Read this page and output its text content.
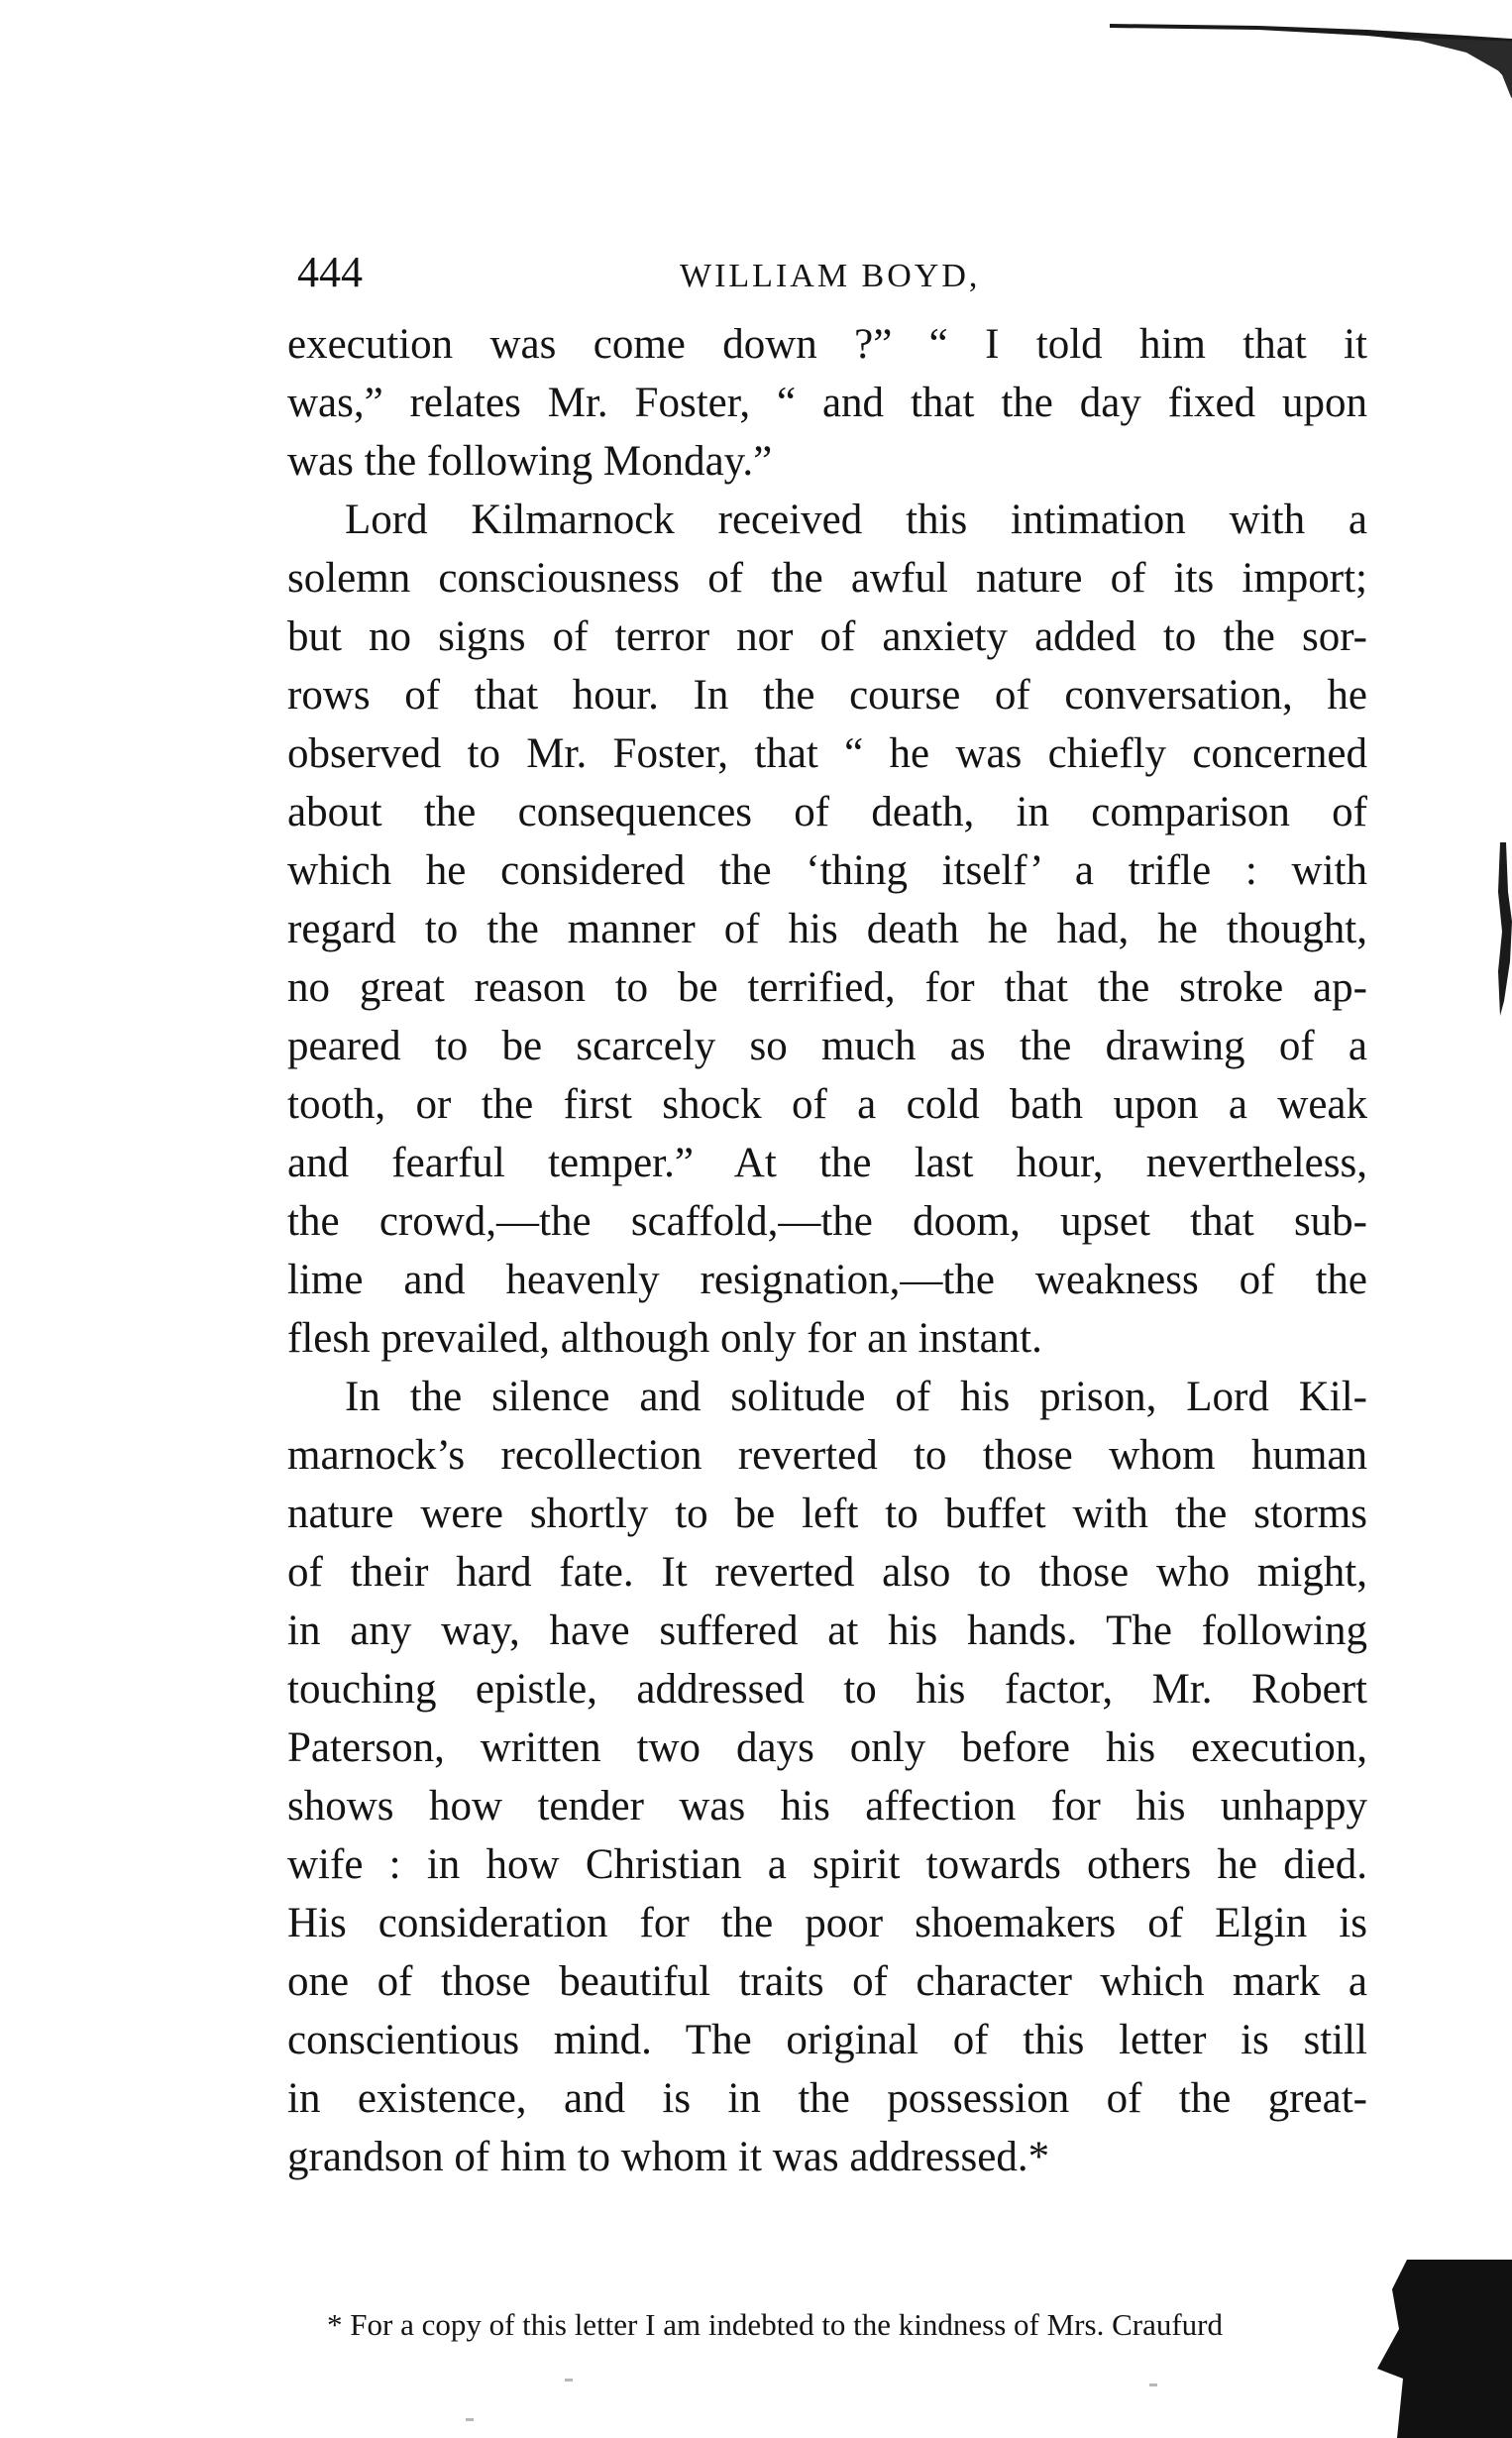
444	WILLIAM BOYD,
execution was come down ?” “ I told him that it
was,” relates Mr. Foster, “ and that the day fixed upon
was the following Monday.”
Lord Kilmarnock received this intimation with a
solemn consciousness of the awful nature of its import;
but no signs of terror nor of anxiety added to the sor-
rows of that hour. In the course of conversation, he
observed to Mr. Foster, that “ he was chiefly concerned
about the consequences of death, in comparison of
which he considered the ‘thing itself’ a trifle : with
regard to the manner of his death he had, he thought,
no great reason to be terrified, for that the stroke ap-
peared to be scarcely so much as the drawing of a
tooth, or the first shock of a cold bath upon a weak
and fearful temper.” At the last hour, nevertheless,
the crowd,—the scaffold,—the doom, upset that sub-
lime and heavenly resignation,—the weakness of the
flesh prevailed, although only for an instant.
In the silence and solitude of his prison, Lord Kil-
marnock’s recollection reverted to those whom human
nature were shortly to be left to buffet with the storms
of their hard fate. It reverted also to those who might,
in any way, have suffered at his hands. The following
touching epistle, addressed to his factor, Mr. Robert
Paterson, written two days only before his execution,
shows how tender was his affection for his unhappy
wife : in how Christian a spirit towards others he died.
His consideration for the poor shoemakers of Elgin is
one of those beautiful traits of character which mark a
conscientious mind. The original of this letter is still
in existence, and is in the possession of the great-
grandson of him to whom it was addressed.*
* For a copy of this letter I am indebted to the kindness of Mrs. Craufurd
